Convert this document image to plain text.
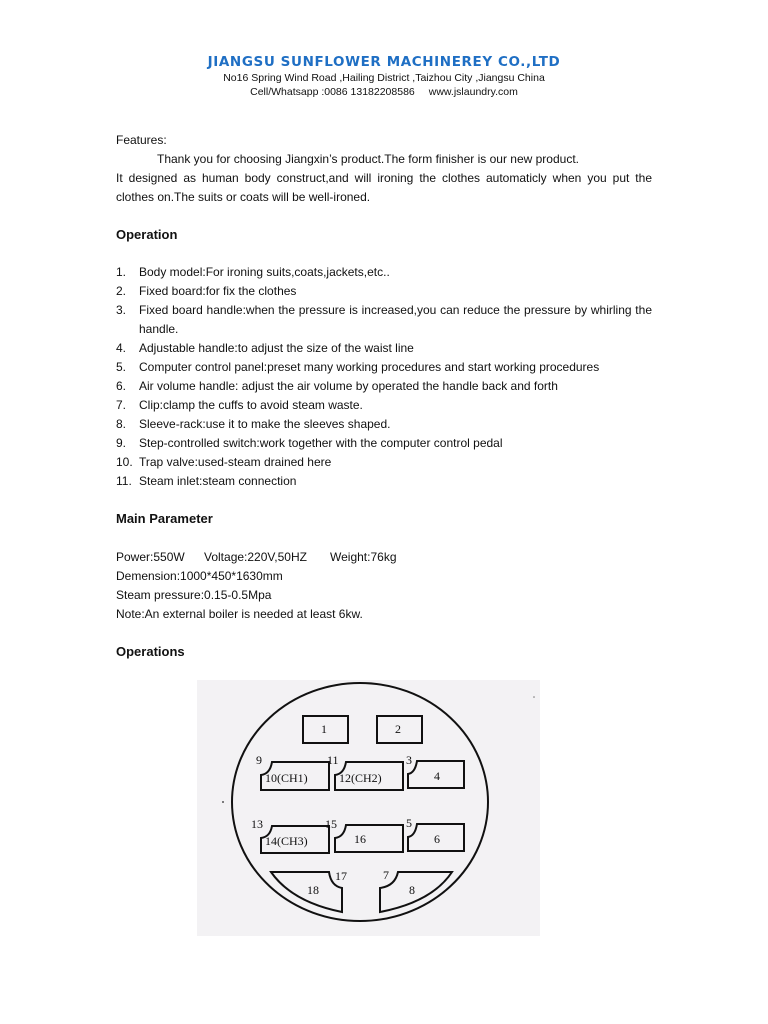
JIANGSU SUNFLOWER MACHINEREY CO.,LTD
No16 Spring Wind Road ,Hailing District ,Taizhou City ,Jiangsu China
Cell/Whatsapp :0086 13182208586 www.jslaundry.com
Features:
Thank you for choosing Jiangxin’s product.The form finisher is our new product.
It designed as human body construct,and will ironing the clothes automaticly when you put the clothes on.The suits or coats will be well-ironed.
Operation
1. Body model:For ironing suits,coats,jackets,etc..
2. Fixed board:for fix the clothes
3. Fixed board handle:when the pressure is increased,you can reduce the pressure by whirling the handle.
4. Adjustable handle:to adjust the size of the waist line
5. Computer control panel:preset many working procedures and start working procedures
6. Air volume handle: adjust the air volume by operated the handle back and forth
7. Clip:clamp the cuffs to avoid steam waste.
8. Sleeve-rack:use it to make the sleeves shaped.
9. Step-controlled switch:work together with the computer control pedal
10. Trap valve:used-steam drained here
11. Steam inlet:steam connection
Main Parameter
Power:550W Voltage:220V,50HZ Weight:76kg
Demension:1000*450*1630mm
Steam pressure:0.15-0.5Mpa
Note:An external boiler is needed at least 6kw.
Operations
1	2
9
10(CH1)
11
12(CH2)
3
4
13
14(CH3)
15
16
5
6
17
18
7
8
